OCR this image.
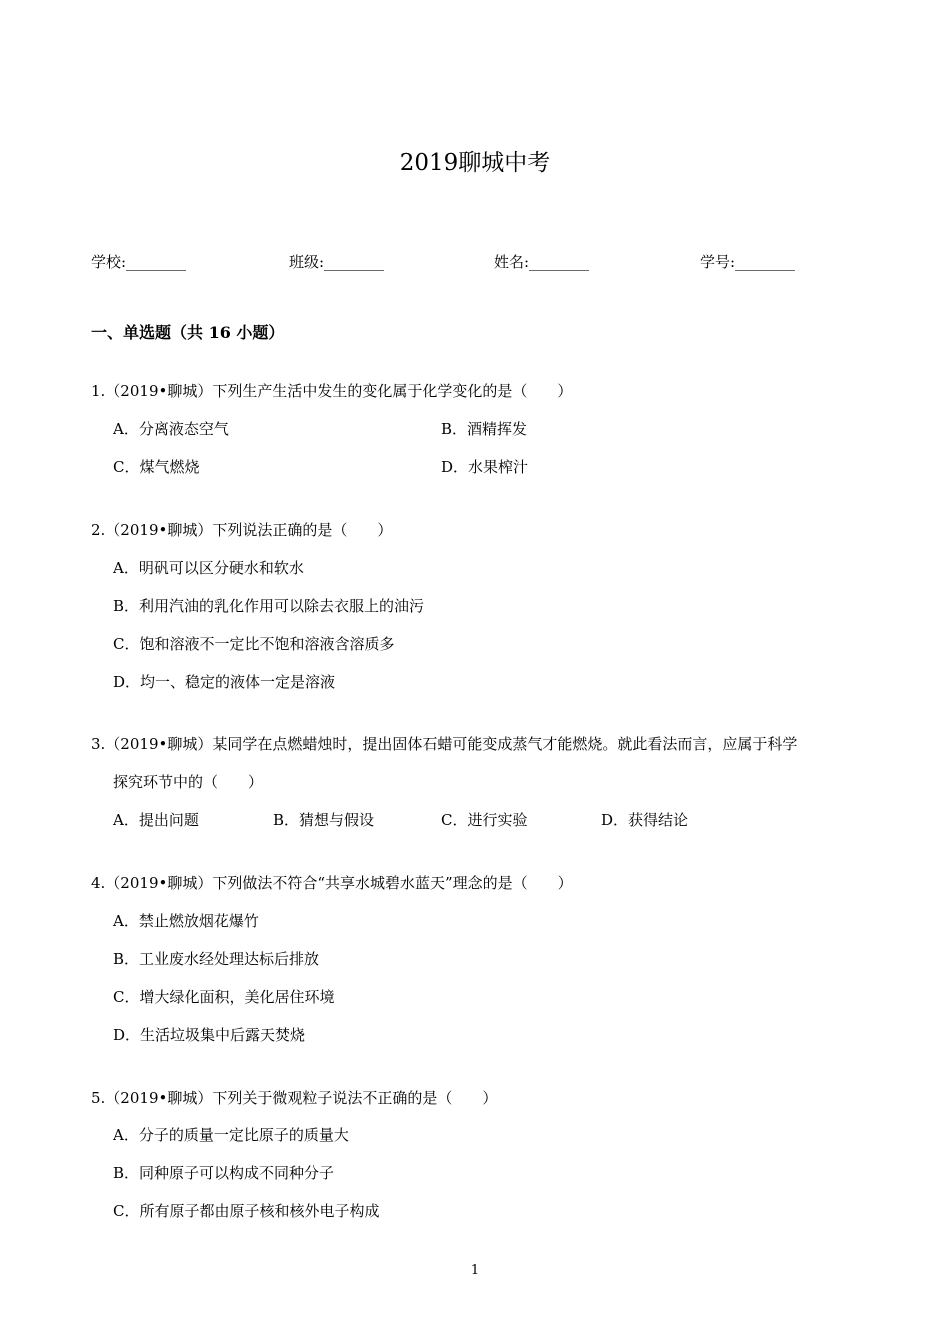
2019聊城中考
学校:________	班级:________	姓名:________	学号:________
一、单选题（共 16 小题）
1.（2019•聊城）下列生产生活中发生的变化属于化学变化的是（　　）
A．分离液态空气	B．酒精挥发
C．煤气燃烧	D．水果榨汁
2.（2019•聊城）下列说法正确的是（　　）
A．明矾可以区分硬水和软水
B．利用汽油的乳化作用可以除去衣服上的油污
C．饱和溶液不一定比不饱和溶液含溶质多
D．均一、稳定的液体一定是溶液
3.（2019•聊城）某同学在点燃蜡烛时，提出固体石蜡可能变成蒸气才能燃烧。就此看法而言，应属于科学
探究环节中的（　　）
A．提出问题	B．猜想与假设	C．进行实验	D．获得结论
4.（2019•聊城）下列做法不符合“共享水城碧水蓝天”理念的是（　　）
A．禁止燃放烟花爆竹
B．工业废水经处理达标后排放
C．增大绿化面积，美化居住环境
D．生活垃圾集中后露天焚烧
5.（2019•聊城）下列关于微观粒子说法不正确的是（　　）
A．分子的质量一定比原子的质量大
B．同种原子可以构成不同种分子
C．所有原子都由原子核和核外电子构成
1
